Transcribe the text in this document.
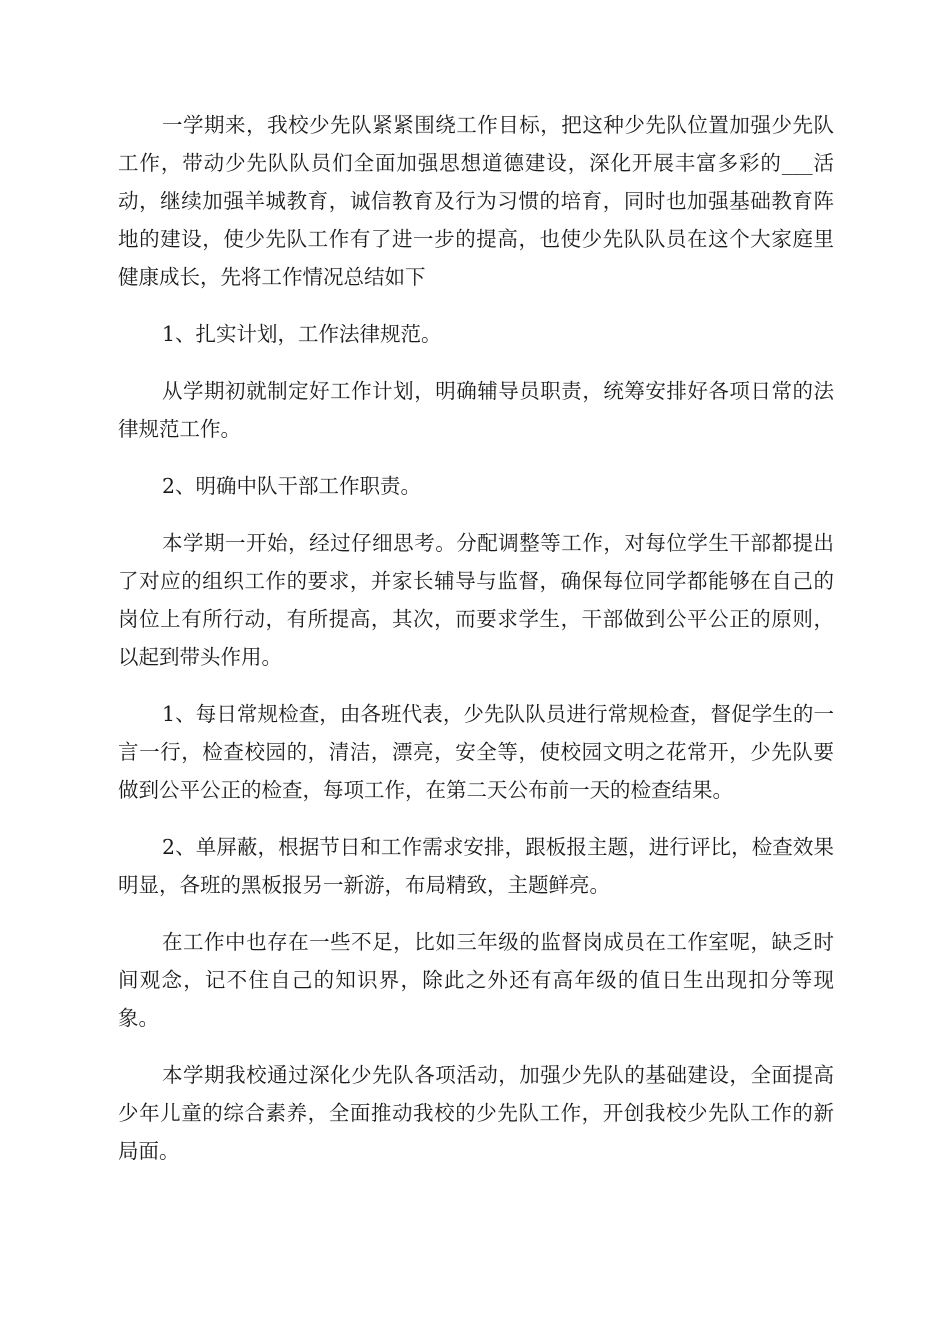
一学期来，我校少先队紧紧围绕工作目标，把这种少先队位置加强少先队工作，带动少先队队员们全面加强思想道德建设，深化开展丰富多彩的___活动，继续加强羊城教育，诚信教育及行为习惯的培育，同时也加强基础教育阵地的建设，使少先队工作有了进一步的提高，也使少先队队员在这个大家庭里健康成长，先将工作情况总结如下

1、扎实计划，工作法律规范。

从学期初就制定好工作计划，明确辅导员职责，统筹安排好各项日常的法律规范工作。

2、明确中队干部工作职责。

本学期一开始，经过仔细思考。分配调整等工作，对每位学生干部都提出了对应的组织工作的要求，并家长辅导与监督，确保每位同学都能够在自己的岗位上有所行动，有所提高，其次，而要求学生，干部做到公平公正的原则，以起到带头作用。

1、每日常规检查，由各班代表，少先队队员进行常规检查，督促学生的一言一行，检查校园的，清洁，漂亮，安全等，使校园文明之花常开，少先队要做到公平公正的检查，每项工作，在第二天公布前一天的检查结果。

2、单屏蔽，根据节日和工作需求安排，跟板报主题，进行评比，检查效果明显，各班的黑板报另一新游，布局精致，主题鲜亮。

在工作中也存在一些不足，比如三年级的监督岗成员在工作室呢，缺乏时间观念，记不住自己的知识界，除此之外还有高年级的值日生出现扣分等现象。

本学期我校通过深化少先队各项活动，加强少先队的基础建设，全面提高少年儿童的综合素养，全面推动我校的少先队工作，开创我校少先队工作的新局面。
